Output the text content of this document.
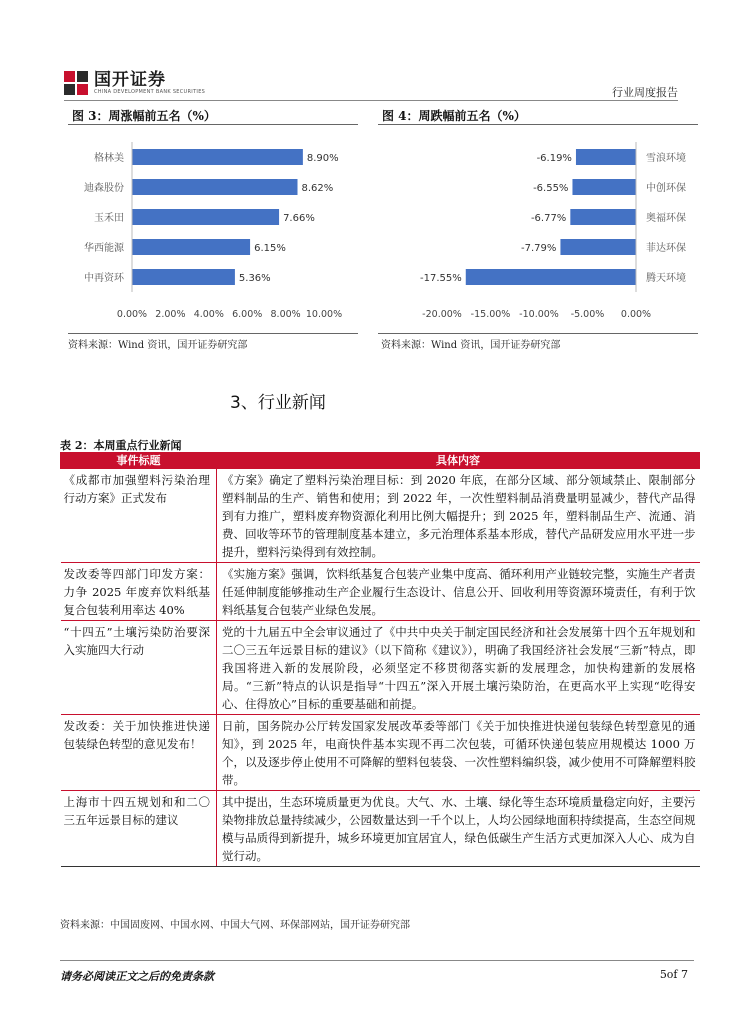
国开证券
CHINA DEVELOPMENT BANK SECURITIES	行业周度报告
图 3：周涨幅前五名（%）	图 4：周跌幅前五名（%）
格林美	8.90%
迪森股份	8.62%
玉禾田	7.66%
华西能源	6.15%
中再资环	5.36%
0.00% 2.00% 4.00% 6.00% 8.00% 10.00%
-6.19%	雪浪环境
-6.55%	中创环保
-6.77%	奥福环保
-7.79%	菲达环保
-17.55%	腾天环境
-20.00% -15.00% -10.00% -5.00% 0.00%
资料来源：Wind 资讯，国开证券研究部	资料来源：Wind 资讯，国开证券研究部
3、行业新闻
表 2：本周重点行业新闻
事件标题	具体内容
《成都市加强塑料污染治理行动方案》正式发布	《方案》确定了塑料污染治理目标：到 2020 年底，在部分区域、部分领域禁止、限制部分塑料制品的生产、销售和使用；到 2022 年，一次性塑料制品消费量明显减少，替代产品得到有力推广，塑料废弃物资源化利用比例大幅提升；到 2025 年，塑料制品生产、流通、消费、回收等环节的管理制度基本建立，多元治理体系基本形成，替代产品研发应用水平进一步提升，塑料污染得到有效控制。
发改委等四部门印发方案：力争 2025 年废弃饮料纸基复合包装利用率达 40%	《实施方案》强调，饮料纸基复合包装产业集中度高、循环利用产业链较完整，实施生产者责任延伸制度能够推动生产企业履行生态设计、信息公开、回收利用等资源环境责任，有利于饮料纸基复合包装产业绿色发展。
“十四五”土壤污染防治要深入实施四大行动	党的十九届五中全会审议通过了《中共中央关于制定国民经济和社会发展第十四个五年规划和二〇三五年远景目标的建议》（以下简称《建议》），明确了我国经济社会发展“三新”特点，即我国将进入新的发展阶段，必须坚定不移贯彻落实新的发展理念，加快构建新的发展格局。“三新”特点的认识是指导“十四五”深入开展土壤污染防治，在更高水平上实现“吃得安心、住得放心”目标的重要基础和前提。
发改委：关于加快推进快递包装绿色转型的意见发布！	日前，国务院办公厅转发国家发展改革委等部门《关于加快推进快递包装绿色转型意见的通知》，到 2025 年，电商快件基本实现不再二次包装，可循环快递包装应用规模达 1000 万个，以及逐步停止使用不可降解的塑料包装袋、一次性塑料编织袋，减少使用不可降解塑料胶带。
上海市十四五规划和和二〇三五年远景目标的建议	其中提出，生态环境质量更为优良。大气、水、土壤、绿化等生态环境质量稳定向好，主要污染物排放总量持续减少，公园数量达到一千个以上，人均公园绿地面积持续提高，生态空间规模与品质得到新提升，城乡环境更加宜居宜人，绿色低碳生产生活方式更加深入人心、成为自觉行动。
资料来源：中国固废网、中国水网、中国大气网、环保部网站，国开证券研究部
请务必阅读正文之后的免责条款	5of 7
